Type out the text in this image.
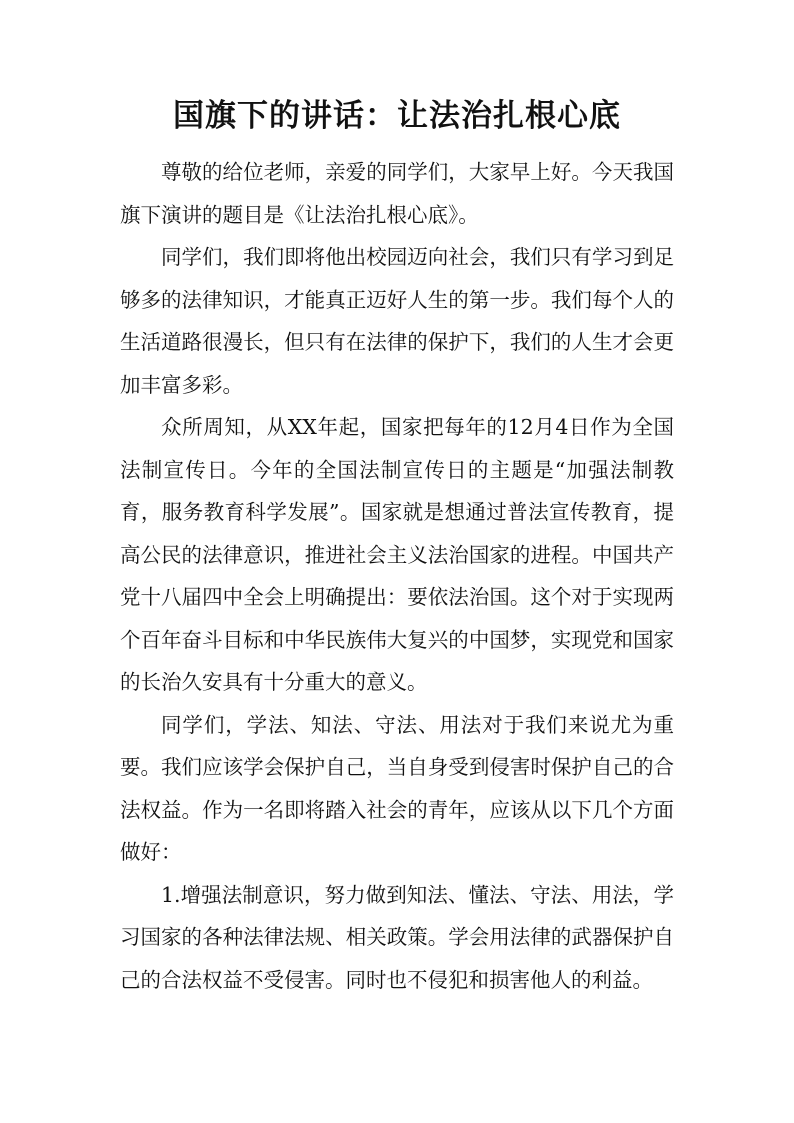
国旗下的讲话：让法治扎根心底

尊敬的给位老师，亲爱的同学们，大家早上好。今天我国旗下演讲的题目是《让法治扎根心底》。

同学们，我们即将他出校园迈向社会，我们只有学习到足够多的法律知识，才能真正迈好人生的第一步。我们每个人的生活道路很漫长，但只有在法律的保护下，我们的人生才会更加丰富多彩。

众所周知，从XX年起，国家把每年的12月4日作为全国法制宣传日。今年的全国法制宣传日的主题是“加强法制教育，服务教育科学发展”。国家就是想通过普法宣传教育，提高公民的法律意识，推进社会主义法治国家的进程。中国共产党十八届四中全会上明确提出：要依法治国。这个对于实现两个百年奋斗目标和中华民族伟大复兴的中国梦，实现党和国家的长治久安具有十分重大的意义。

同学们，学法、知法、守法、用法对于我们来说尤为重要。我们应该学会保护自己，当自身受到侵害时保护自己的合法权益。作为一名即将踏入社会的青年，应该从以下几个方面做好：

1.增强法制意识，努力做到知法、懂法、守法、用法，学习国家的各种法律法规、相关政策。学会用法律的武器保护自己的合法权益不受侵害。同时也不侵犯和损害他人的利益。
